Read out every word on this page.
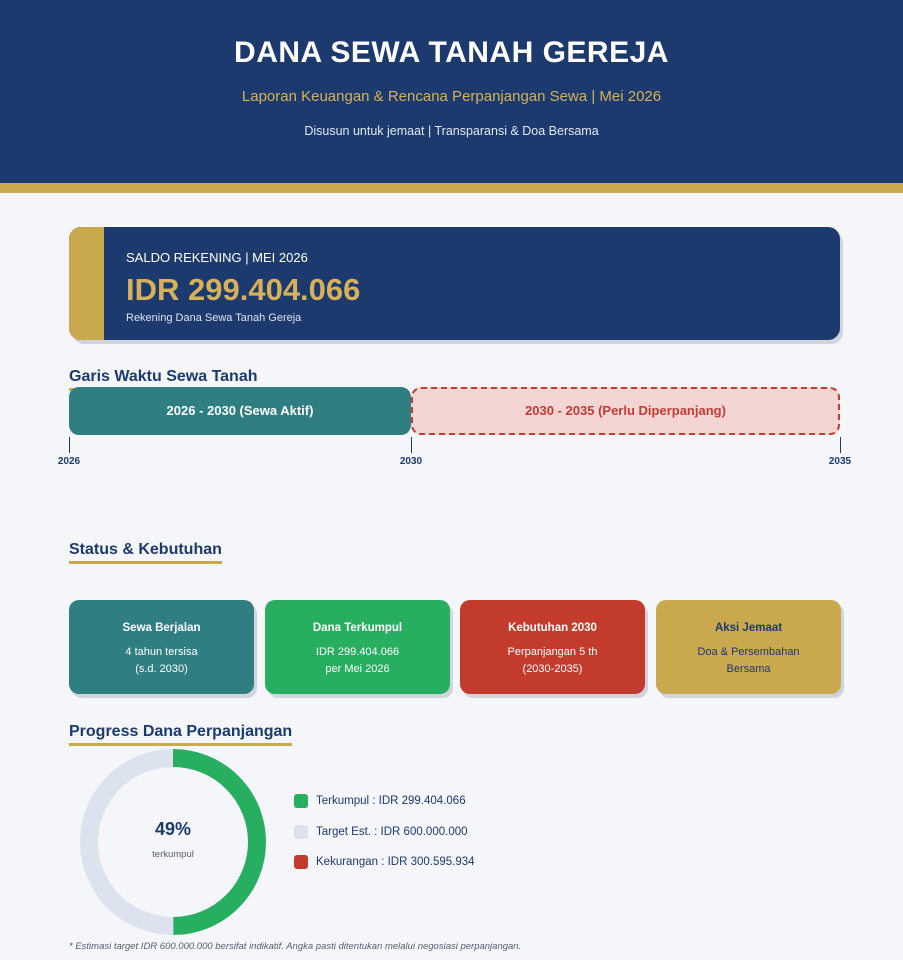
DANA SEWA TANAH GEREJA
Laporan Keuangan & Rencana Perpanjangan Sewa | Mei 2026
Disusun untuk jemaat | Transparansi & Doa Bersama
SALDO REKENING | MEI 2026
IDR 299.404.066
Rekening Dana Sewa Tanah Gereja
Garis Waktu Sewa Tanah
2026 - 2030 (Sewa Aktif)	2030 - 2035 (Perlu Diperpanjang)
2026	2030	2035
Status & Kebutuhan
Sewa Berjalan
4 tahun tersisa
(s.d. 2030)
Dana Terkumpul
IDR 299.404.066
per Mei 2026
Kebutuhan 2030
Perpanjangan 5 th
(2030-2035)
Aksi Jemaat
Doa & Persembahan
Bersama
Progress Dana Perpanjangan
49%
terkumpul
Terkumpul : IDR 299.404.066
Target Est. : IDR 600.000.000
Kekurangan : IDR 300.595.934
* Estimasi target IDR 600.000.000 bersifat indikatif. Angka pasti ditentukan melalui negosiasi perpanjangan.
